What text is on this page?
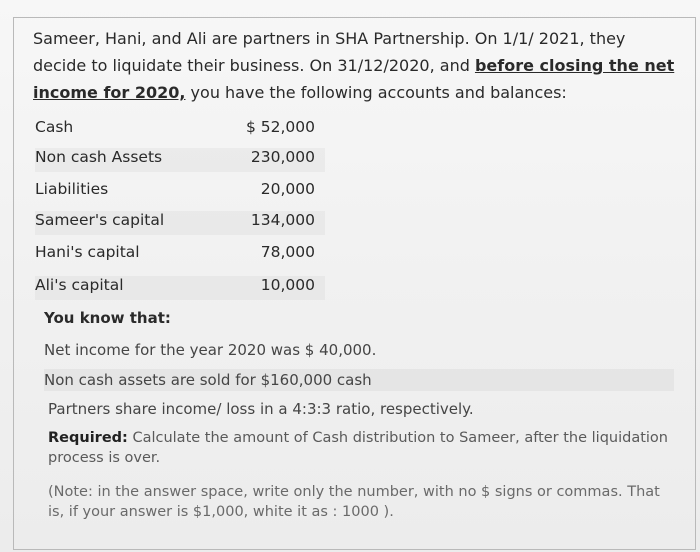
Sameer, Hani, and Ali are partners in SHA Partnership. On 1/1/ 2021, they decide to liquidate their business. On 31/12/2020, and before closing the net income for 2020, you have the following accounts and balances:

Cash	$ 52,000
Non cash Assets	230,000
Liabilities	20,000
Sameer's capital	134,000
Hani's capital	78,000
Ali's capital	10,000
You know that:
Net income for the year 2020 was $ 40,000.
Non cash assets are sold for $160,000 cash
Partners share income/ loss in a 4:3:3 ratio, respectively.
Required: Calculate the amount of Cash distribution to Sameer, after the liquidation process is over.
(Note: in the answer space, write only the number, with no $ signs or commas. That is, if your answer is $1,000, white it as : 1000 ).
